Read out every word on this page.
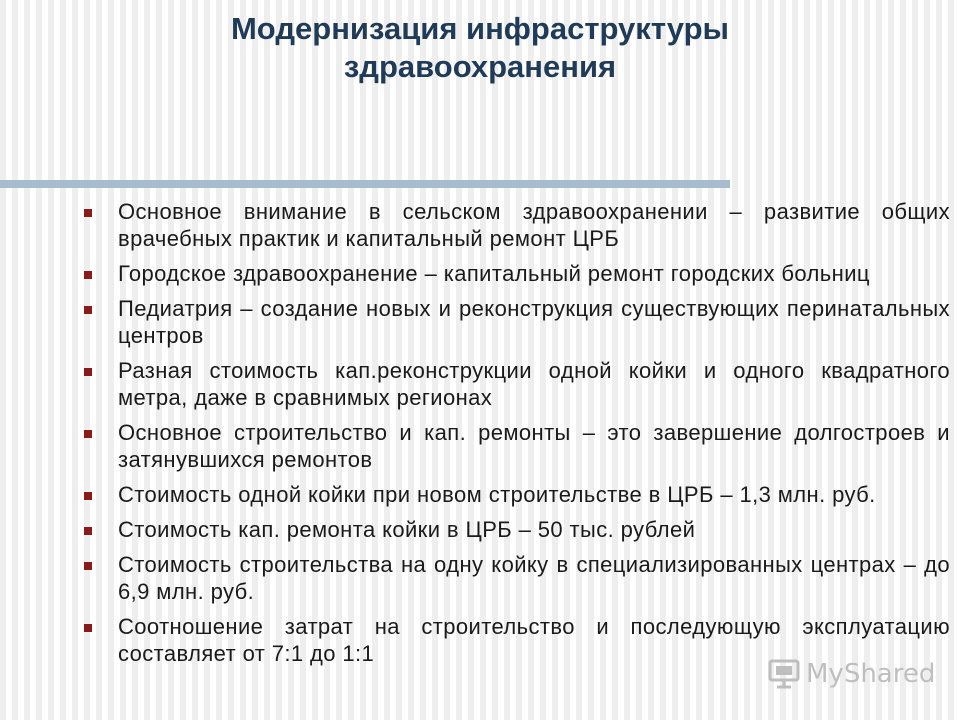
Модернизация инфраструктуры
здравоохранения
Основное внимание в сельском здравоохранении – развитие общих врачебных практик и капитальный ремонт ЦРБ
Городское здравоохранение – капитальный ремонт городских больниц
Педиатрия – создание новых и реконструкция существующих перинатальных центров
Разная стоимость кап.реконструкции одной койки и одного квадратного метра, даже в сравнимых регионах
Основное строительство и кап. ремонты – это завершение долгостроев и затянувшихся ремонтов
Стоимость одной койки при новом строительстве в ЦРБ – 1,3 млн. руб.
Стоимость кап. ремонта койки в ЦРБ – 50 тыс. рублей
Стоимость строительства на одну койку в специализированных центрах – до 6,9 млн. руб.
Соотношение затрат на строительство и последующую эксплуатацию составляет от 7:1 до 1:1
MyShared
